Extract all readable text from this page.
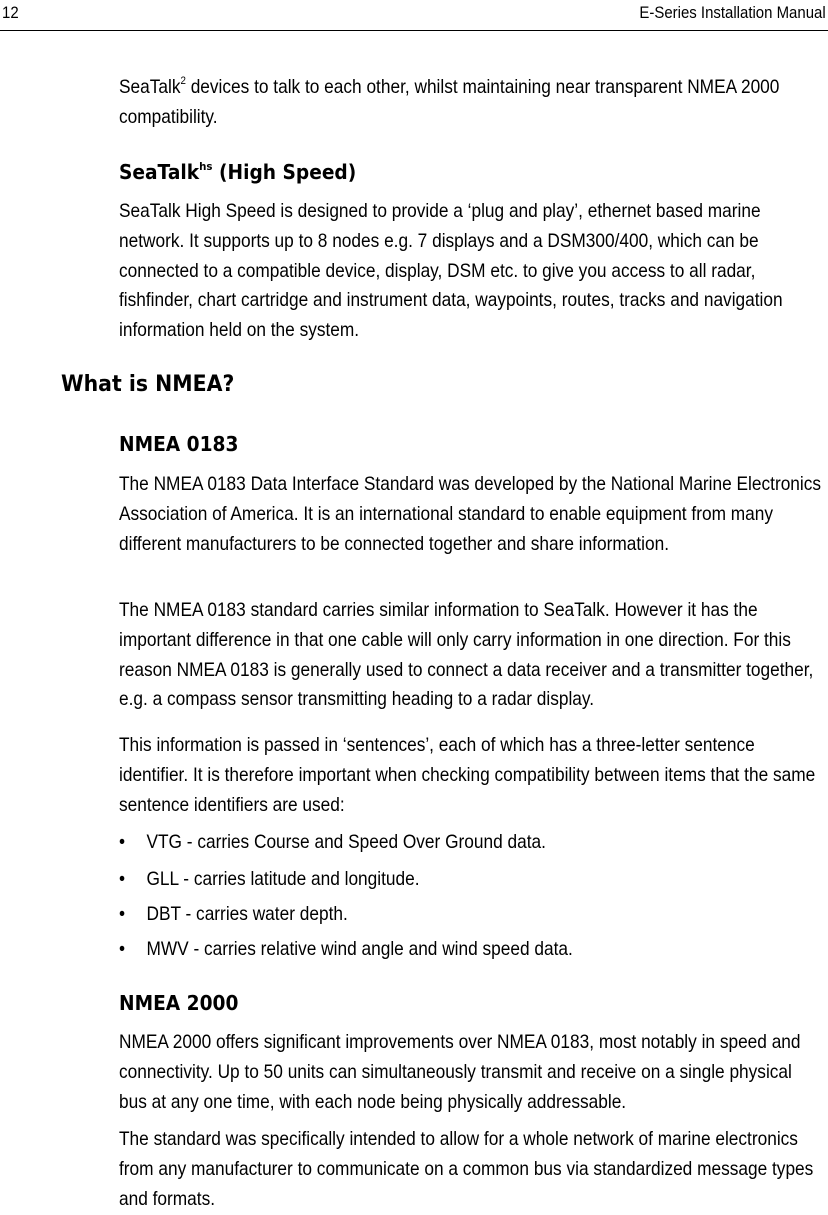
12	E-Series Installation Manual

SeaTalk$^2$ devices to talk to each other, whilst maintaining near transparent NMEA 2000 compatibility.

SeaTalk$^{hs}$ (High Speed)

SeaTalk High Speed is designed to provide a ‘plug and play’, ethernet based marine network. It supports up to 8 nodes e.g. 7 displays and a DSM300/400, which can be connected to a compatible device, display, DSM etc. to give you access to all radar, fishfinder, chart cartridge and instrument data, waypoints, routes, tracks and navigation information held on the system.

What is NMEA?
NMEA 0183

The NMEA 0183 Data Interface Standard was developed by the National Marine Electronics Association of America. It is an international standard to enable equipment from many different manufacturers to be connected together and share information.

The NMEA 0183 standard carries similar information to SeaTalk. However it has the important difference in that one cable will only carry information in one direction. For this reason NMEA 0183 is generally used to connect a data receiver and a transmitter together, e.g. a compass sensor transmitting heading to a radar display.

This information is passed in ‘sentences’, each of which has a three-letter sentence identifier. It is therefore important when checking compatibility between items that the same sentence identifiers are used:

• VTG - carries Course and Speed Over Ground data.
• GLL - carries latitude and longitude.
• DBT - carries water depth.
• MWV - carries relative wind angle and wind speed data.
NMEA 2000

NMEA 2000 offers significant improvements over NMEA 0183, most notably in speed and connectivity. Up to 50 units can simultaneously transmit and receive on a single physical bus at any one time, with each node being physically addressable.

The standard was specifically intended to allow for a whole network of marine electronics from any manufacturer to communicate on a common bus via standardized message types and formats.
